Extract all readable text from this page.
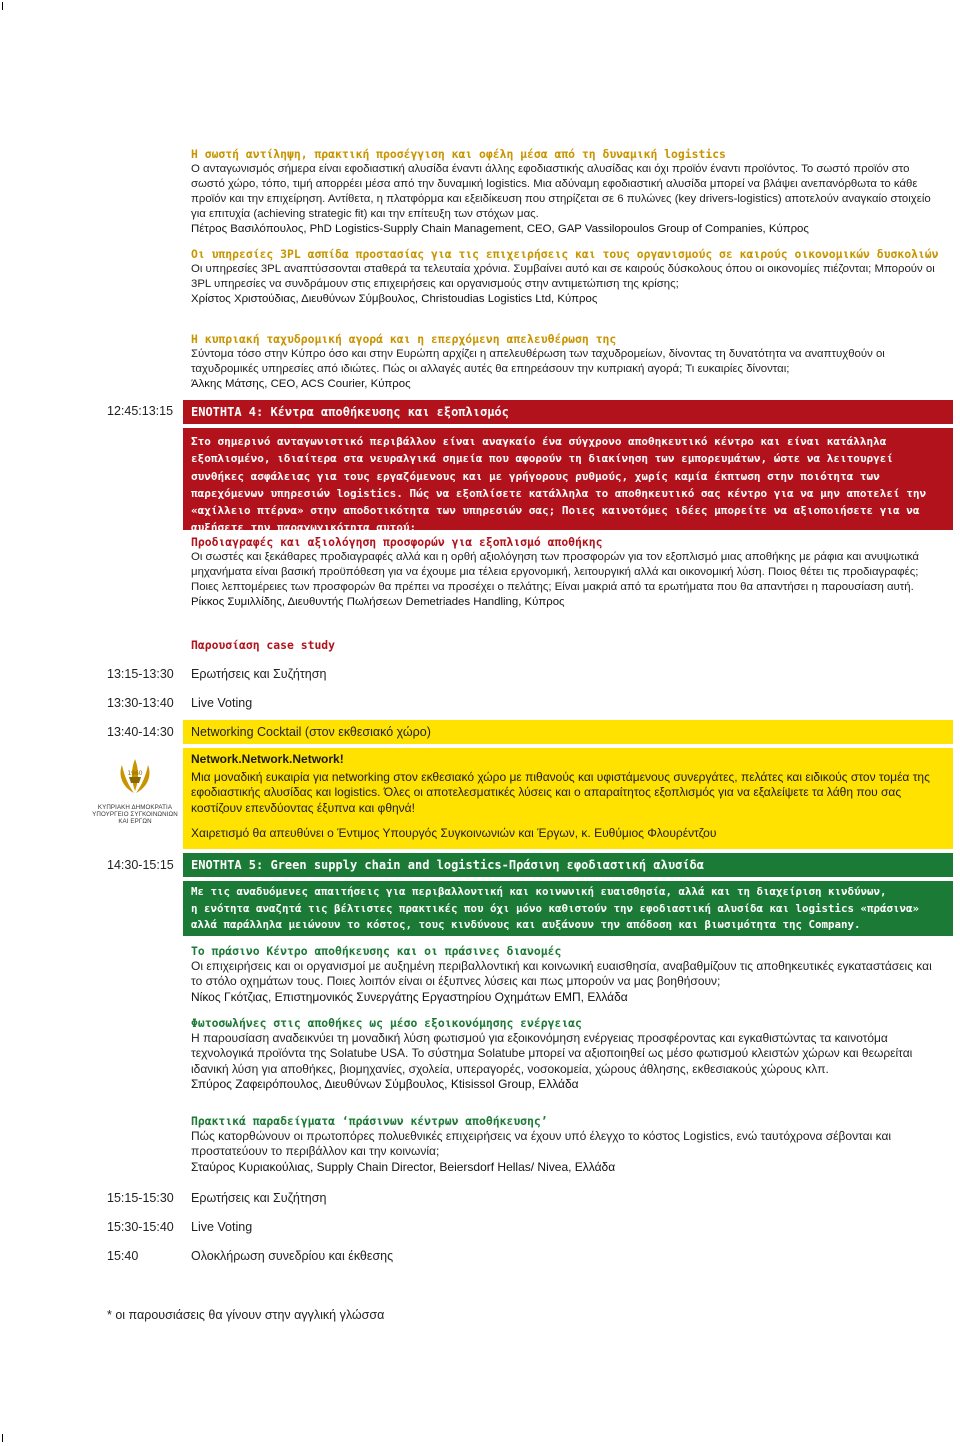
Η σωστή αντίληψη, πρακτική προσέγγιση και οφέλη μέσα από τη δυναμική logistics
Ο ανταγωνισμός σήμερα είναι εφοδιαστική αλυσίδα έναντι άλλης εφοδιαστικής αλυσίδας και όχι προϊόν έναντι προϊόντος. Το σωστό προϊόν στο σωστό χώρο, τόπο, τιμή απορρέει μέσα από την δυναμική logistics. Μια αδύναμη εφοδιαστική αλυσίδα μπορεί να βλάψει ανεπανόρθωτα το κάθε προϊόν και την επιχείρηση. Αντίθετα, η πλατφόρμα και εξειδίκευση που στηρίζεται σε 6 πυλώνες (key drivers-logistics) αποτελούν αναγκαίο στοιχείο για επιτυχία (achieving strategic fit) και την επίτευξη των στόχων μας.
Πέτρος Βασιλόπουλος, PhD Logistics-Supply Chain Management, CEO, GAP Vassilopoulos Group of Companies, Κύπρος
Οι υπηρεσίες 3PL ασπίδα προστασίας για τις επιχειρήσεις και τους οργανισμούς σε καιρούς οικονομικών δυσκολιών
Οι υπηρεσίες 3PL αναπτύσσονται σταθερά τα τελευταία χρόνια. Συμβαίνει αυτό και σε καιρούς δύσκολους όπου οι οικονομίες πιέζονται; Μπορούν οι 3PL υπηρεσίες να συνδράμουν στις επιχειρήσεις και οργανισμούς στην αντιμετώπιση της κρίσης;
Χρίστος Χριστούδιας, Διευθύνων Σύμβουλος, Christoudias Logistics Ltd, Κύπρος
Η κυπριακή ταχυδρομική αγορά και η επερχόμενη απελευθέρωση της
Σύντομα τόσο στην Κύπρο όσο και στην Ευρώπη αρχίζει η απελευθέρωση των ταχυδρομείων, δίνοντας τη δυνατότητα να αναπτυχθούν οι ταχυδρομικές υπηρεσίες από ιδιώτες. Πώς οι αλλαγές αυτές θα επηρεάσουν την κυπριακή αγορά; Τι ευκαιρίες δίνονται;
Άλκης Μάτσης, CEO, ACS Courier, Κύπρος
12:45:13:15 ΕΝΟΤΗΤΑ 4: Κέντρα αποθήκευσης και εξοπλισμός
Στο σημερινό ανταγωνιστικό περιβάλλον είναι αναγκαίο ένα σύγχρονο αποθηκευτικό κέντρο και είναι κατάλληλα
εξοπλισμένο, ιδιαίτερα στα νευραλγικά σημεία που αφορούν τη διακίνηση των εμπορευμάτων, ώστε να λειτουργεί
συνθήκες ασφάλειας για τους εργαζόμενους και με γρήγορους ρυθμούς, χωρίς καμία έκπτωση στην ποιότητα των
παρεχόμενων υπηρεσιών logistics. Πώς να εξοπλίσετε κατάλληλα το αποθηκευτικό σας κέντρο για να μην αποτελεί την
«αχίλλειο πτέρνα» στην αποδοτικότητα των υπηρεσιών σας; Ποιες καινοτόμες ιδέες μπορείτε να αξιοποιήσετε για να
αυξήσετε την παραγωγικότητα αυτού;
Προδιαγραφές και αξιολόγηση προσφορών για εξοπλισμό αποθήκης
Οι σωστές και ξεκάθαρες προδιαγραφές αλλά και η ορθή αξιολόγηση των προσφορών για τον εξοπλισμό μιας αποθήκης με ράφια και ανυψωτικά μηχανήματα είναι βασική προϋπόθεση για να έχουμε μια τέλεια εργονομική, λειτουργική αλλά και οικονομική λύση. Ποιος θέτει τις προδιαγραφές; Ποιες λεπτομέρειες των προσφορών θα πρέπει να προσέχει ο πελάτης; Είναι μακριά από τα ερωτήματα που θα απαντήσει η παρουσίαση αυτή.
Ρίκκος Συμιλλίδης, Διευθυντής Πωλήσεων Demetriades Handling, Κύπρος
Παρουσίαση case study
13:15-13:30 Ερωτήσεις και Συζήτηση
13:30-13:40 Live Voting
13:40-14:30 Networking Cocktail (στον εκθεσιακό χώρο)
Network.Network.Network!
Μια μοναδική ευκαιρία για networking στον εκθεσιακό χώρο με πιθανούς και υφιστάμενους συνεργάτες, πελάτες και ειδικούς στον τομέα της εφοδιαστικής αλυσίδας και logistics. Όλες οι αποτελεσματικές λύσεις και ο απαραίτητος εξοπλισμός για να εξαλείψετε τα λάθη που σας κοστίζουν επενδύοντας έξυπνα και φθηνά!
Χαιρετισμό θα απευθύνει ο Έντιμος Υπουργός Συγκοινωνιών και Έργων, κ. Ευθύμιος Φλουρέντζου
1960
ΚΥΠΡΙΑΚΗ ΔΗΜΟΚΡΑΤΙΑ
ΥΠΟΥΡΓΕΙΟ ΣΥΓΚΟΙΝΩΝΙΩΝ
ΚΑΙ ΕΡΓΩΝ
14:30-15:15 ΕΝΟΤΗΤΑ 5: Green supply chain and logistics-Πράσινη εφοδιαστική αλυσίδα
Με τις αναδυόμενες απαιτήσεις για περιβαλλοντική και κοινωνική ευαισθησία, αλλά και τη διαχείριση κινδύνων,
η ενότητα αναζητά τις βέλτιστες πρακτικές που όχι μόνο καθιστούν την εφοδιαστική αλυσίδα και logistics «πράσινα»
αλλά παράλληλα μειώνουν το κόστος, τους κινδύνους και αυξάνουν την απόδοση και βιωσιμότητα της Company.
Το πράσινο Κέντρο αποθήκευσης και οι πράσινες διανομές
Οι επιχειρήσεις και οι οργανισμοί με αυξημένη περιβαλλοντική και κοινωνική ευαισθησία, αναβαθμίζουν τις αποθηκευτικές εγκαταστάσεις και το στόλο οχημάτων τους. Ποιες λοιπόν είναι οι έξυπνες λύσεις και πως μπορούν να μας βοηθήσουν;
Νίκος Γκότζιας, Επιστημονικός Συνεργάτης Εργαστηρίου Οχημάτων ΕΜΠ, Ελλάδα
Φωτοσωλήνες στις αποθήκες ως μέσο εξοικονόμησης ενέργειας
Η παρουσίαση αναδεικνύει τη μοναδική λύση φωτισμού για εξοικονόμηση ενέργειας προσφέροντας και εγκαθιστώντας τα καινοτόμα τεχνολογικά προϊόντα της Solatube USA. Το σύστημα Solatube μπορεί να αξιοποιηθεί ως μέσο φωτισμού κλειστών χώρων και θεωρείται ιδανική λύση για αποθήκες, βιομηχανίες, σχολεία, υπεραγορές, νοσοκομεία, χώρους άθλησης, εκθεσιακούς χώρους κλπ.
Σπύρος Ζαφειρόπουλος, Διευθύνων Σύμβουλος, Ktisissol Group, Ελλάδα
Πρακτικά παραδείγματα ‘πράσινων κέντρων αποθήκευσης’
Πώς κατορθώνουν οι πρωτοπόρες πολυεθνικές επιχειρήσεις να έχουν υπό έλεγχο το κόστος Logistics, ενώ ταυτόχρονα σέβονται και προστατεύουν το περιβάλλον και την κοινωνία;
Σταύρος Κυριακούλιας, Supply Chain Director, Beiersdorf Hellas/ Nivea, Ελλάδα
15:15-15:30 Ερωτήσεις και Συζήτηση
15:30-15:40 Live Voting
15:40	Ολοκλήρωση συνεδρίου και έκθεσης
* οι παρουσιάσεις θα γίνουν στην αγγλική γλώσσα
